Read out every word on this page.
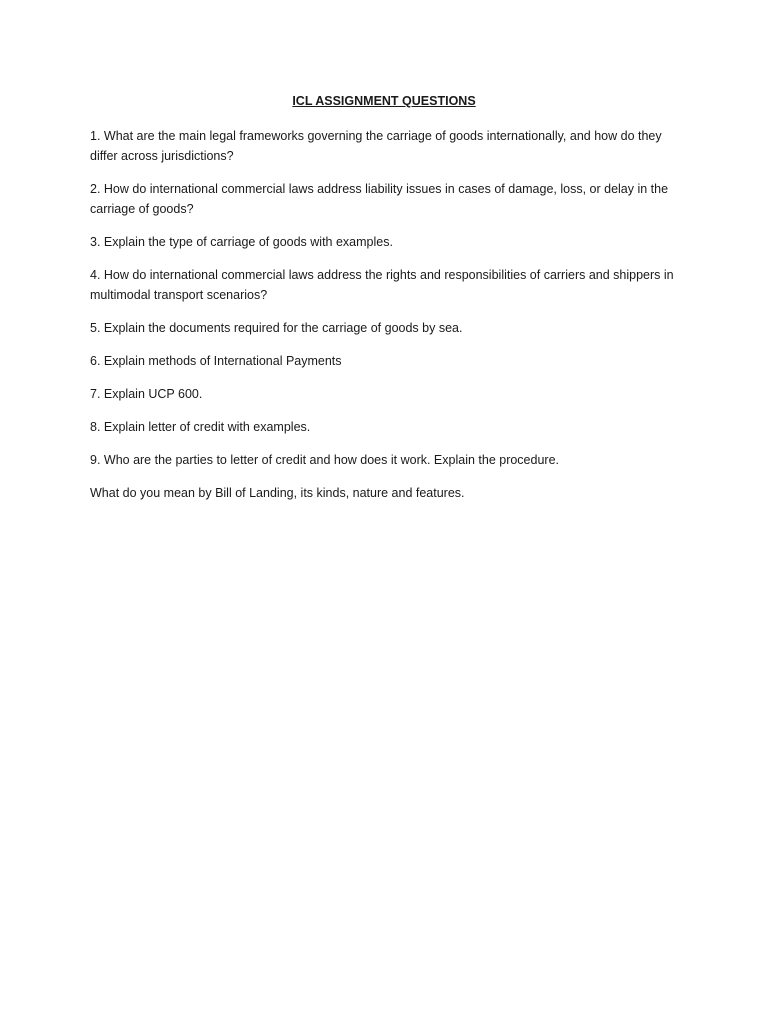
ICL ASSIGNMENT QUESTIONS
1. What are the main legal frameworks governing the carriage of goods internationally, and how do they differ across jurisdictions?
2. How do international commercial laws address liability issues in cases of damage, loss, or delay in the carriage of goods?
3. Explain the type of carriage of goods with examples.
4. How do international commercial laws address the rights and responsibilities of carriers and shippers in multimodal transport scenarios?
5. Explain the documents required for the carriage of goods by sea.
6. Explain methods of International Payments
7. Explain UCP 600.
8. Explain letter of credit with examples.
9. Who are the parties to letter of credit and how does it work. Explain the procedure.
What do you mean by Bill of Landing, its kinds, nature and features.
